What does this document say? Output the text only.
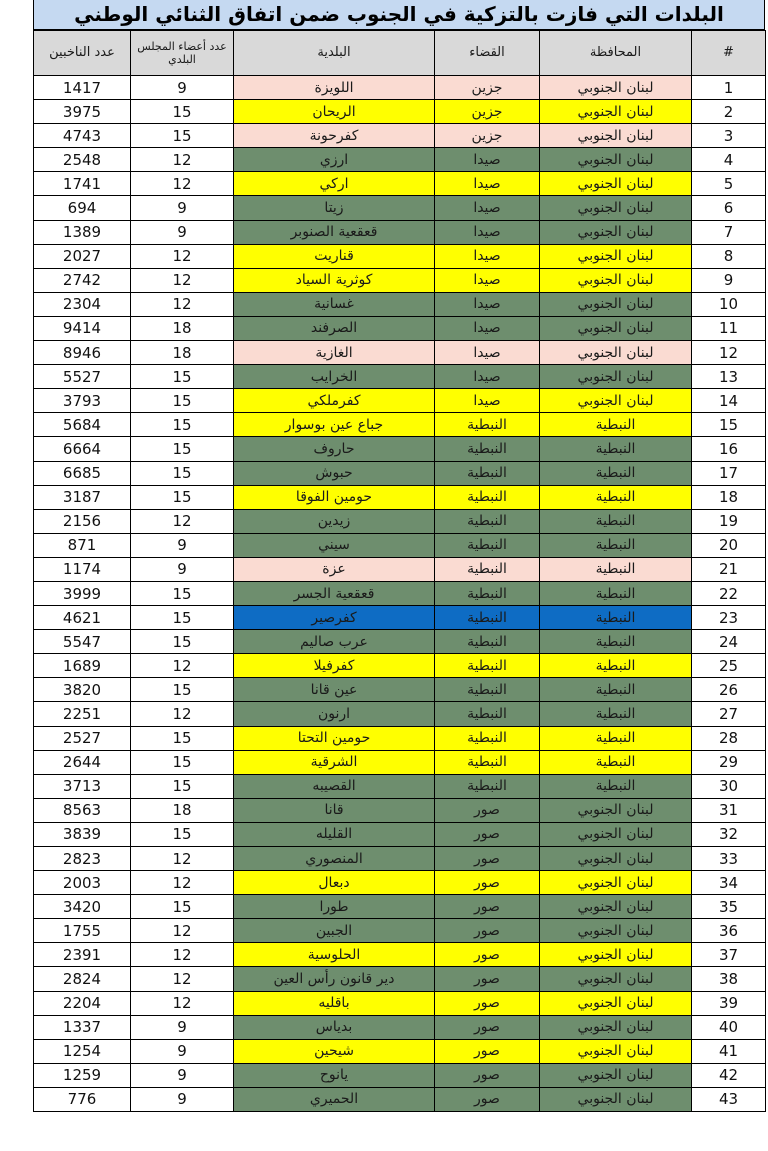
البلدات التي فازت بالتزكية في الجنوب ضمن اتفاق الثنائي الوطني
عدد الناخبين	عدد أعضاء المجلس البلدي	البلدية	القضاء	المحافظة	#
1417	9	اللويزة	جزين	لبنان الجنوبي	1
3975	15	الريحان	جزين	لبنان الجنوبي	2
4743	15	كفرحونة	جزين	لبنان الجنوبي	3
2548	12	ارزي	صيدا	لبنان الجنوبي	4
1741	12	اركي	صيدا	لبنان الجنوبي	5
694	9	زيتا	صيدا	لبنان الجنوبي	6
1389	9	قعقعية الصنوبر	صيدا	لبنان الجنوبي	7
2027	12	قناريت	صيدا	لبنان الجنوبي	8
2742	12	كوثرية السياد	صيدا	لبنان الجنوبي	9
2304	12	غسانية	صيدا	لبنان الجنوبي	10
9414	18	الصرفند	صيدا	لبنان الجنوبي	11
8946	18	الغازية	صيدا	لبنان الجنوبي	12
5527	15	الخرايب	صيدا	لبنان الجنوبي	13
3793	15	كفرملكي	صيدا	لبنان الجنوبي	14
5684	15	جباع عين بوسوار	النبطية	النبطية	15
6664	15	حاروف	النبطية	النبطية	16
6685	15	حبوش	النبطية	النبطية	17
3187	15	حومين الفوقا	النبطية	النبطية	18
2156	12	زيدين	النبطية	النبطية	19
871	9	سيني	النبطية	النبطية	20
1174	9	عزة	النبطية	النبطية	21
3999	15	قعقعية الجسر	النبطية	النبطية	22
4621	15	كفرصير	النبطية	النبطية	23
5547	15	عرب صاليم	النبطية	النبطية	24
1689	12	كفرفيلا	النبطية	النبطية	25
3820	15	عين قانا	النبطية	النبطية	26
2251	12	ارنون	النبطية	النبطية	27
2527	15	حومين التحتا	النبطية	النبطية	28
2644	15	الشرقية	النبطية	النبطية	29
3713	15	القصيبه	النبطية	النبطية	30
8563	18	قانا	صور	لبنان الجنوبي	31
3839	15	القليله	صور	لبنان الجنوبي	32
2823	12	المنصوري	صور	لبنان الجنوبي	33
2003	12	دبعال	صور	لبنان الجنوبي	34
3420	15	طورا	صور	لبنان الجنوبي	35
1755	12	الجبين	صور	لبنان الجنوبي	36
2391	12	الحلوسية	صور	لبنان الجنوبي	37
2824	12	دير قانون رأس العين	صور	لبنان الجنوبي	38
2204	12	باقليه	صور	لبنان الجنوبي	39
1337	9	بدياس	صور	لبنان الجنوبي	40
1254	9	شيحين	صور	لبنان الجنوبي	41
1259	9	يانوح	صور	لبنان الجنوبي	42
776	9	الحميري	صور	لبنان الجنوبي	43
